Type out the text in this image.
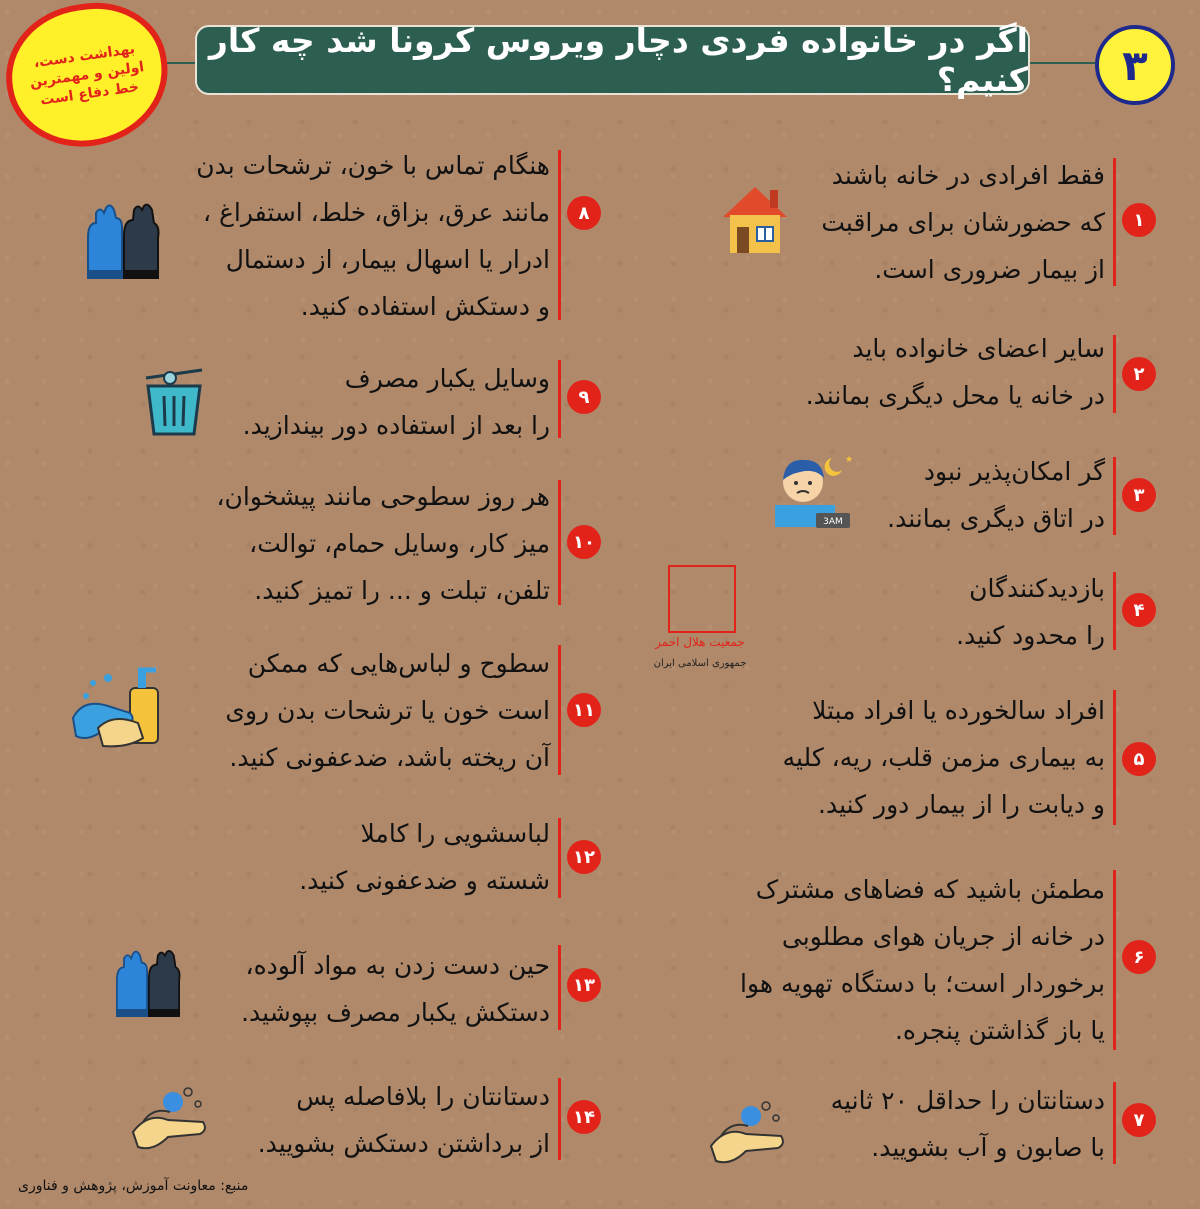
اگر در خانواده فردی دچار ویروس کرونا شد چه کار کنیم؟	۳
بهداشت دست، اولین و مهمترین خط دفاع است
۱
فقط افرادی در خانه باشند
که حضورشان برای مراقبت
از بیمار ضروری است.
۲
سایر اعضای خانواده باید
در خانه یا محل دیگری بمانند.
۳
گر امکان‌پذیر نبود
در اتاق دیگری بمانند.
۴
بازدیدکنندگان
را محدود کنید.
۵
افراد سالخورده یا افراد مبتلا
به بیماری مزمن قلب، ریه، کلیه
و دیابت را از بیمار دور کنید.
۶
مطمئن باشید که فضاهای مشترک
در خانه از جریان هوای مطلوبی
برخوردار است؛ با دستگاه تهویه هوا
یا باز گذاشتن پنجره.
۷
دستانتان را حداقل ۲۰ ثانیه
با صابون و آب بشویید.
۸
هنگام تماس با خون، ترشحات بدن
مانند عرق، بزاق، خلط، استفراغ ،
ادرار یا اسهال بیمار، از دستمال
و دستکش استفاده کنید.
۹
وسایل یکبار مصرف
را بعد از استفاده دور بیندازید.
۱۰
هر روز سطوحی مانند پیشخوان،
میز کار، وسایل حمام، توالت،
تلفن، تبلت و ... را تمیز کنید.
۱۱
سطوح و لباس‌هایی که ممکن
است خون یا ترشحات بدن روی
آن ریخته باشد، ضدعفونی کنید.
۱۲
لباسشویی را کاملا
شسته و ضدعفونی کنید.
۱۳
حین دست زدن به مواد آلوده،
دستکش یکبار مصرف بپوشید.
۱۴
دستانتان را بلافاصله پس
از برداشتن دستکش بشویید.
3AM
★
جمعیت هلال احمر
جمهوری اسلامی ایران
منبع: معاونت آموزش، پژوهش و فناوری
